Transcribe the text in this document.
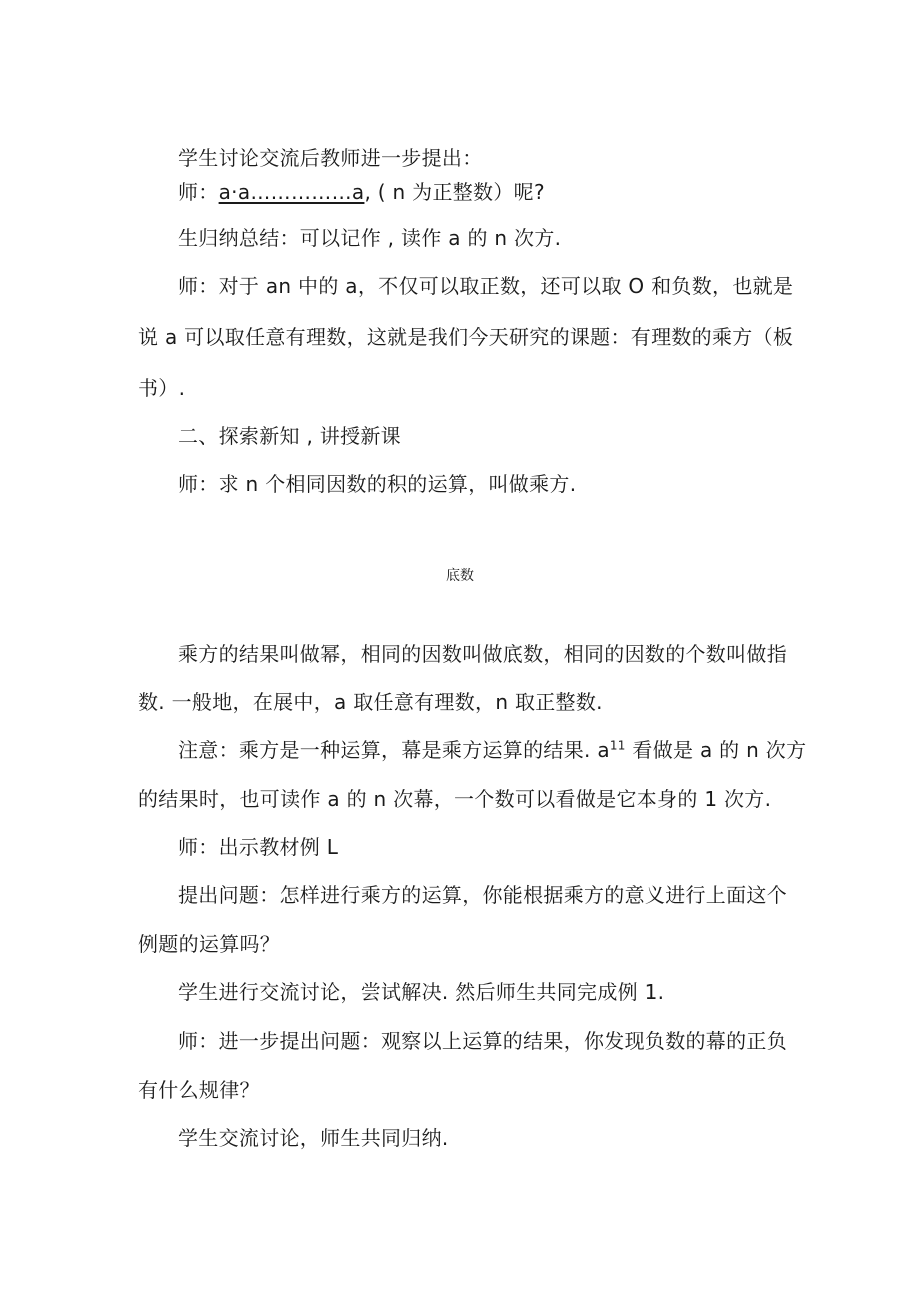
学生讨论交流后教师进一步提出：
师：a·a……………a, ( n 为正整数）呢?
生归纳总结：可以记作 , 读作 a 的 n 次方.
师：对于 an 中的 a，不仅可以取正数，还可以取 O 和负数，也就是
说 a 可以取任意有理数，这就是我们今天研究的课题：有理数的乘方（板
书）.
二、探索新知 , 讲授新课
师：求 n 个相同因数的积的运算，叫做乘方.
底数
乘方的结果叫做幂，相同的因数叫做底数，相同的因数的个数叫做指
数. 一般地，在展中，a 取任意有理数，n 取正整数.
注意：乘方是一种运算，幕是乘方运算的结果. $a^{11}$ 看做是 a 的 n 次方
的结果时，也可读作 a 的 n 次幕，一个数可以看做是它本身的 1 次方.
师：出示教材例 L
提出问题：怎样进行乘方的运算，你能根据乘方的意义进行上面这个
例题的运算吗？
学生进行交流讨论，尝试解决. 然后师生共同完成例 1.
师：进一步提出问题：观察以上运算的结果，你发现负数的幕的正负
有什么规律？
学生交流讨论，师生共同归纳.
